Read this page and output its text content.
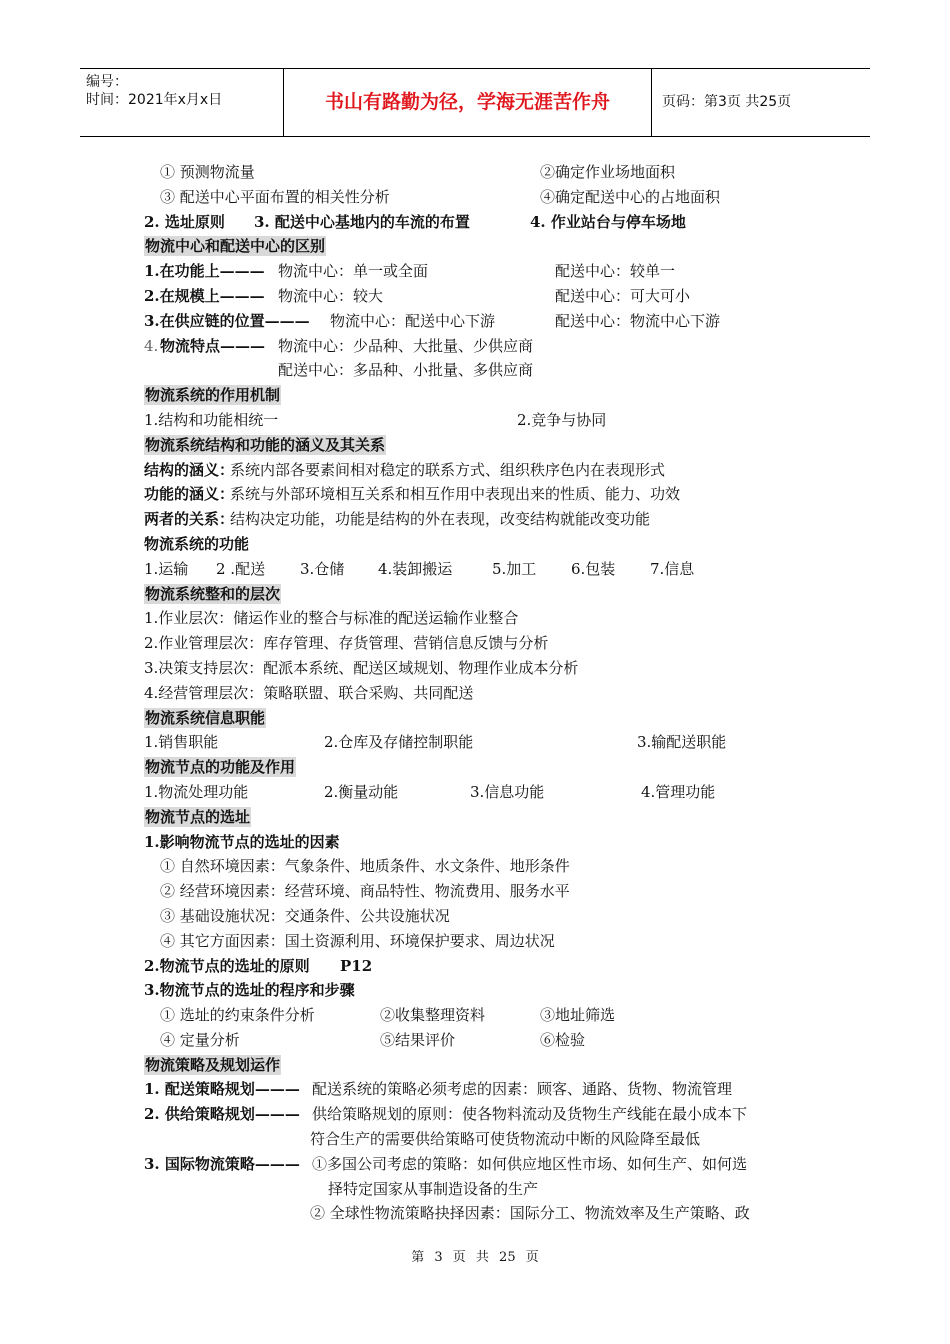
编号：
时间：2021年x月x日	书山有路勤为径，学海无涯苦作舟	页码：第3页 共25页
① 预测物流量	②确定作业场地面积
③ 配送中心平面布置的相关性分析	④确定配送中心的占地面积
2. 选址原则 3. 配送中心基地内的车流的布置	4. 作业站台与停车场地
物流中心和配送中心的区别
1.在功能上——— 物流中心：单一或全面	配送中心：较单一
2.在规模上——— 物流中心：较大	配送中心：可大可小
3.在供应链的位置——— 物流中心：配送中心下游	配送中心：物流中心下游
4. 物流特点——— 物流中心：少品种、大批量、少供应商
配送中心：多品种、小批量、多供应商
物流系统的作用机制
1.结构和功能相统一	2.竞争与协同
物流系统结构和功能的涵义及其关系
结构的涵义：
系统内部各要素间相对稳定的联系方式、组织秩序色内在表现形式
功能的涵义：
系统与外部环境相互关系和相互作用中表现出来的性质、能力、功效
两者的关系：
结构决定功能，功能是结构的外在表现，改变结构就能改变功能
物流系统的功能
1.运输 2 .配送 3.仓储 4.装卸搬运	5.加工 6.包装 7.信息
物流系统整和的层次
1.作业层次：储运作业的整合与标准的配送运输作业整合
2.作业管理层次：库存管理、存货管理、营销信息反馈与分析
3.决策支持层次：配派本系统、配送区域规划、物理作业成本分析
4.经营管理层次：策略联盟、联合采购、共同配送
物流系统信息职能
1.销售职能	2.仓库及存储控制职能	3.输配送职能
物流节点的功能及作用
1.物流处理功能	2.衡量动能	3.信息功能	4.管理功能
物流节点的选址
1.影响物流节点的选址的因素
① 自然环境因素：气象条件、地质条件、水文条件、地形条件
② 经营环境因素：经营环境、商品特性、物流费用、服务水平
③ 基础设施状况：交通条件、公共设施状况
④ 其它方面因素：国土资源利用、环境保护要求、周边状况
2.物流节点的选址的原则 P12
3.物流节点的选址的程序和步骤
① 选址的约束条件分析	②收集整理资料	③地址筛选
④ 定量分析	⑤结果评价	⑥检验
物流策略及规划运作
1. 配送策略规划——— 配送系统的策略必须考虑的因素：顾客、通路、货物、物流管理
2. 供给策略规划——— 供给策略规划的原则：使各物料流动及货物生产线能在最小成本下
符合生产的需要供给策略可使货物流动中断的风险降至最低
3. 国际物流策略——— ①多国公司考虑的策略：如何供应地区性市场、如何生产、如何选
择特定国家从事制造设备的生产
② 全球性物流策略抉择因素：国际分工、物流效率及生产策略、政
第 3 页 共 25 页
